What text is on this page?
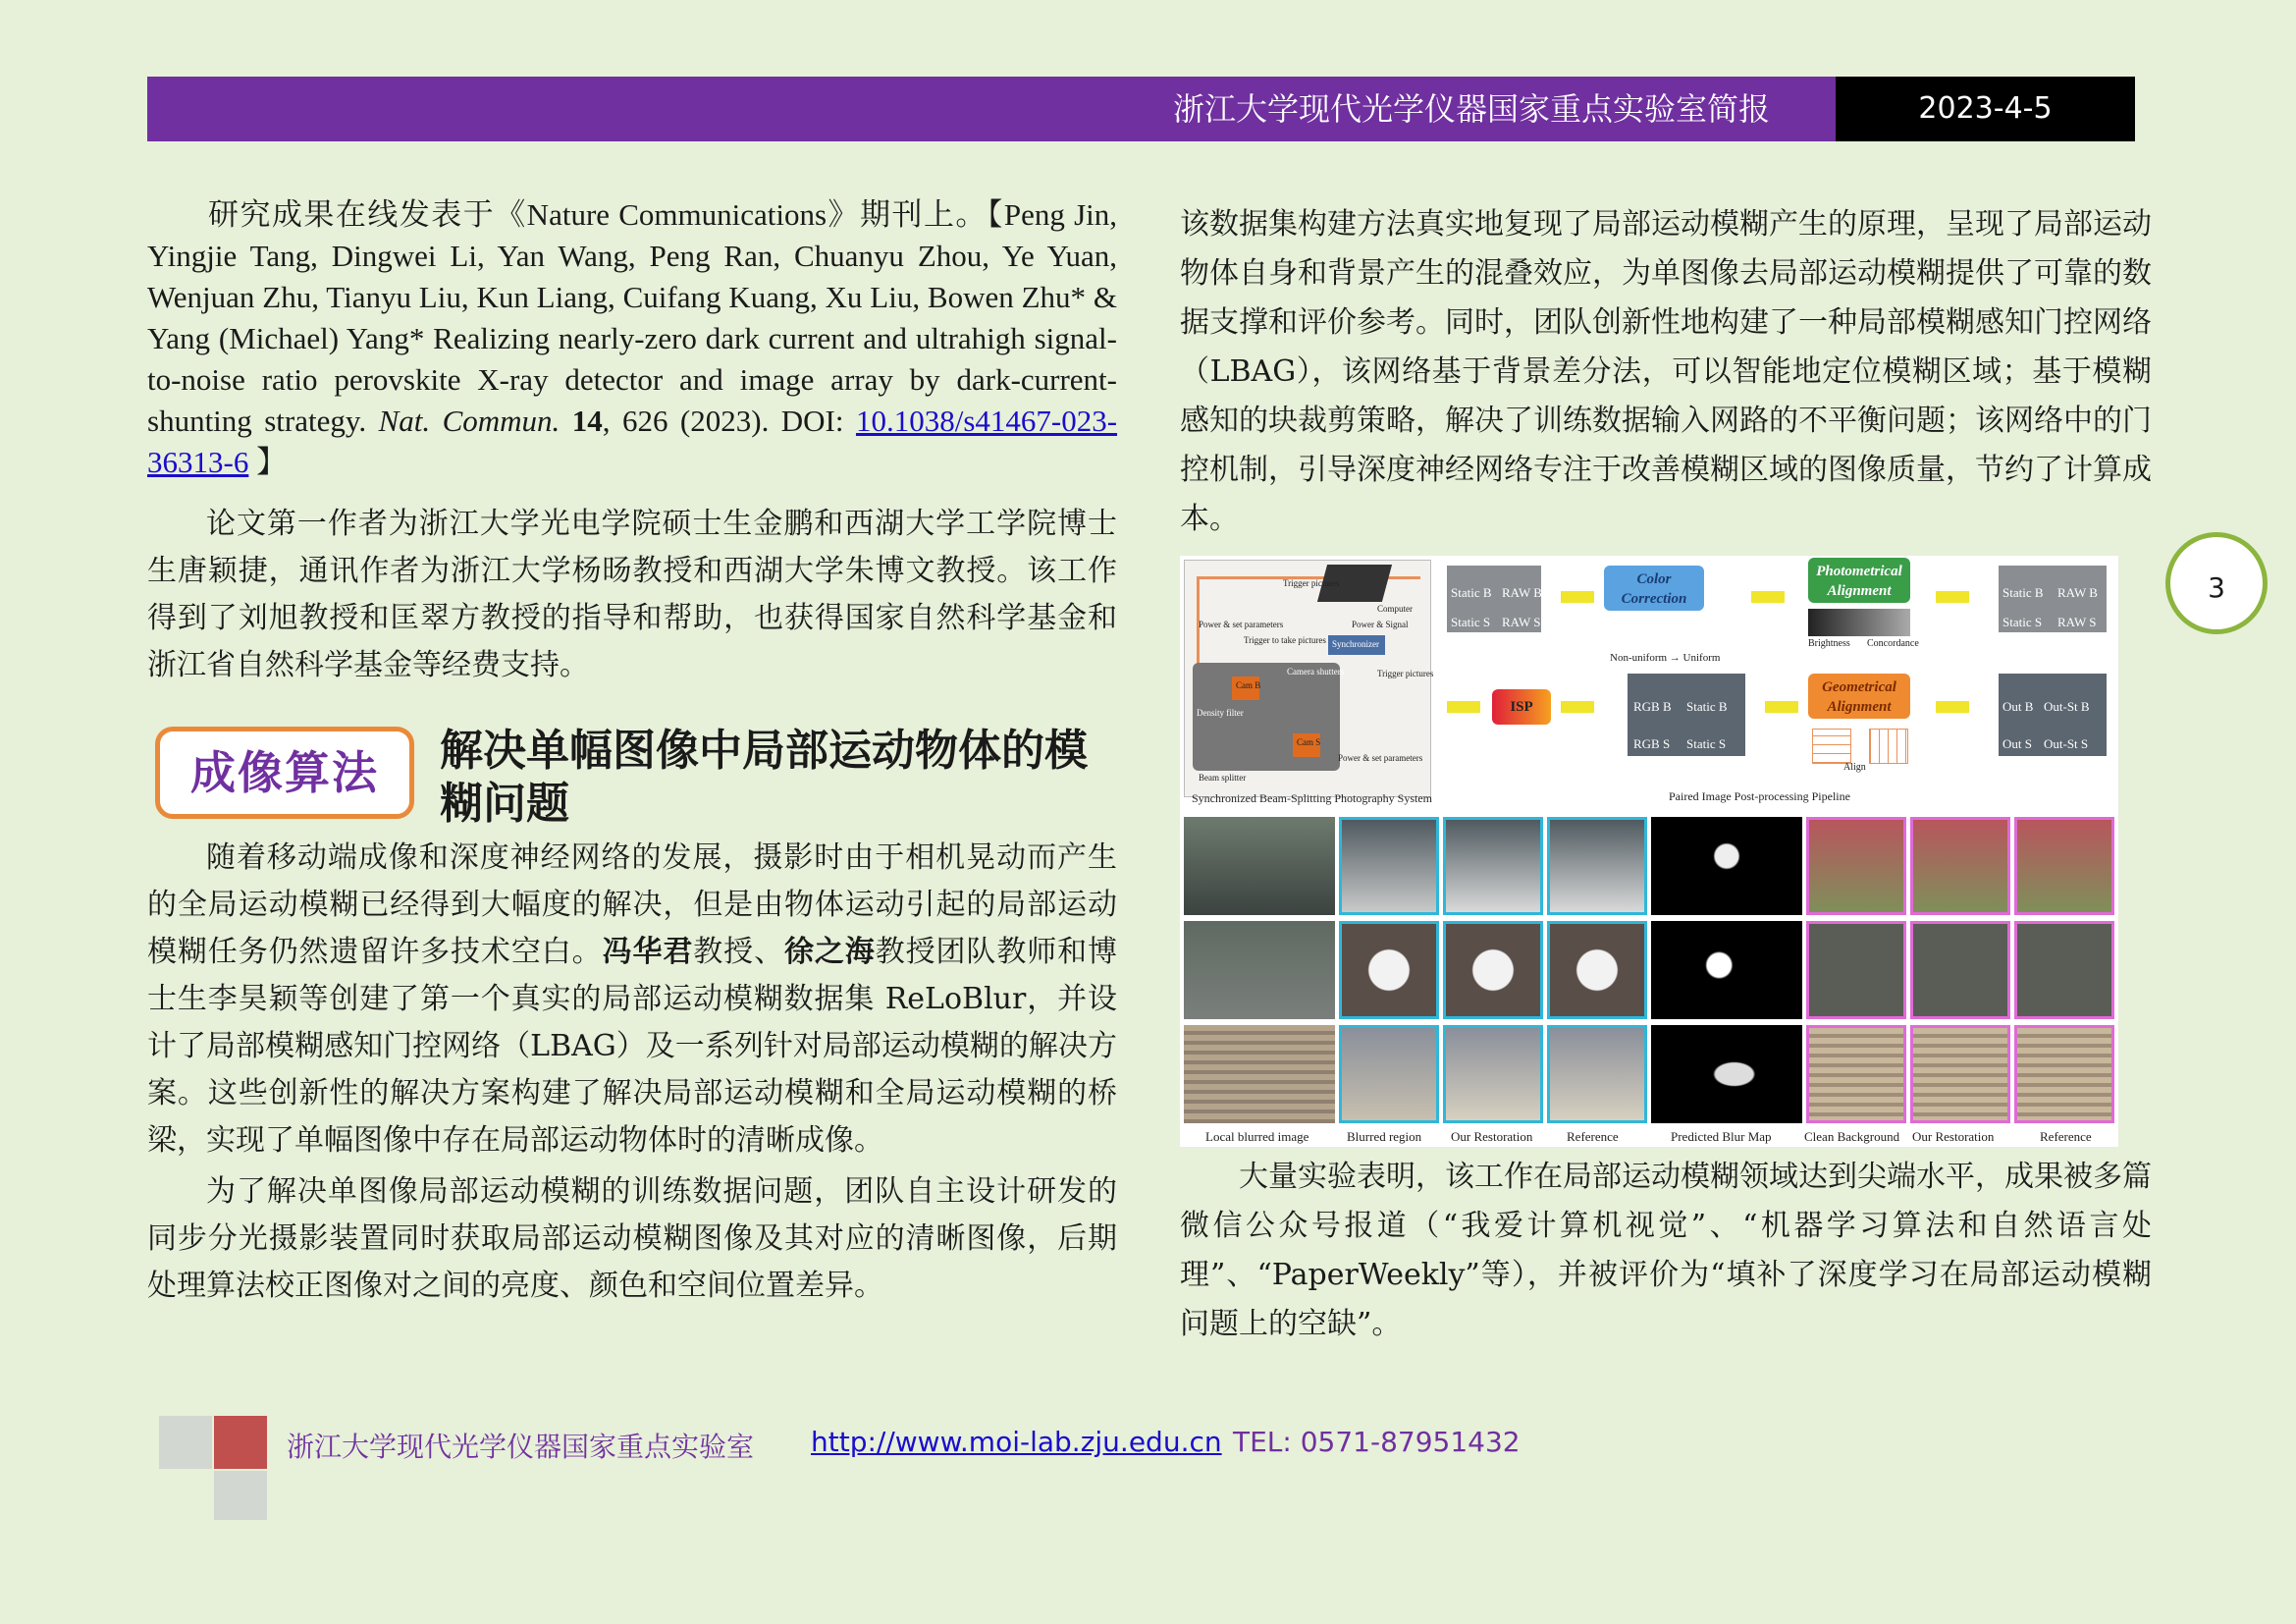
浙江大学现代光学仪器国家重点实验室简报	2023-4-5
3

研究成果在线发表于《Nature Communications》期刊上。【Peng Jin, Yingjie Tang, Dingwei Li, Yan Wang, Peng Ran, Chuanyu Zhou, Ye Yuan, Wenjuan Zhu, Tianyu Liu, Kun Liang, Cuifang Kuang, Xu Liu, Bowen Zhu* & Yang (Michael) Yang* Realizing nearly-zero dark current and ultrahigh signal-to-noise ratio perovskite X-ray detector and image array by dark-current-shunting strategy. Nat. Commun. 14, 626 (2023). DOI: 10.1038/s41467-023-36313-6 】

论文第一作者为浙江大学光电学院硕士生金鹏和西湖大学工学院博士生唐颖捷，通讯作者为浙江大学杨旸教授和西湖大学朱博文教授。该工作得到了刘旭教授和匡翠方教授的指导和帮助，也获得国家自然科学基金和浙江省自然科学基金等经费支持。

成像算法	解决单幅图像中局部运动物体的模糊问题

随着移动端成像和深度神经网络的发展，摄影时由于相机晃动而产生的全局运动模糊已经得到大幅度的解决，但是由物体运动引起的局部运动模糊任务仍然遗留许多技术空白。冯华君教授、徐之海教授团队教师和博士生李昊颖等创建了第一个真实的局部运动模糊数据集 ReLoBlur，并设计了局部模糊感知门控网络（LBAG）及一系列针对局部运动模糊的解决方案。这些创新性的解决方案构建了解决局部运动模糊和全局运动模糊的桥梁，实现了单幅图像中存在局部运动物体时的清晰成像。

为了解决单图像局部运动模糊的训练数据问题，团队自主设计研发的同步分光摄影装置同时获取局部运动模糊图像及其对应的清晰图像，后期处理算法校正图像对之间的亮度、颜色和空间位置差异。

该数据集构建方法真实地复现了局部运动模糊产生的原理，呈现了局部运动物体自身和背景产生的混叠效应，为单图像去局部运动模糊提供了可靠的数据支撑和评价参考。同时，团队创新性地构建了一种局部模糊感知门控网络（LBAG），该网络基于背景差分法，可以智能地定位模糊区域；基于模糊感知的块裁剪策略，解决了训练数据输入网路的不平衡问题；该网络中的门控机制，引导深度神经网络专注于改善模糊区域的图像质量，节约了计算成本。

Trigger pictures
Computer
Power & Signal
Trigger to take pictures Synchronizer
Camera shutters
Cam B
Cam S
Density filter
Beam splitter
Power & set parameters
Trigger pictures
Power & set parameters
Synchronized Beam-Splitting Photography System
Static B RAW B
Static S RAW S
Color Correction
Non-uniform → Uniform
Photometrical Alignment
Brightness Concordance
Static B RAW B
Static S RAW S
ISP	RGB B Static B
RGB S Static S
Geometrical Alignment
Align
Out B Out-St B
Out S Out-St S
Paired Image Post-processing Pipeline
Local blurred image	Blurred region Our Restoration	Reference	Predicted Blur Map	Clean Background Our Restoration	Reference

大量实验表明，该工作在局部运动模糊领域达到尖端水平，成果被多篇微信公众号报道（“我爱计算机视觉”、“机器学习算法和自然语言处理”、“PaperWeekly”等），并被评价为“填补了深度学习在局部运动模糊问题上的空缺”。

浙江大学现代光学仪器国家重点实验室 http://www.moi-lab.zju.edu.cn TEL: 0571-87951432
